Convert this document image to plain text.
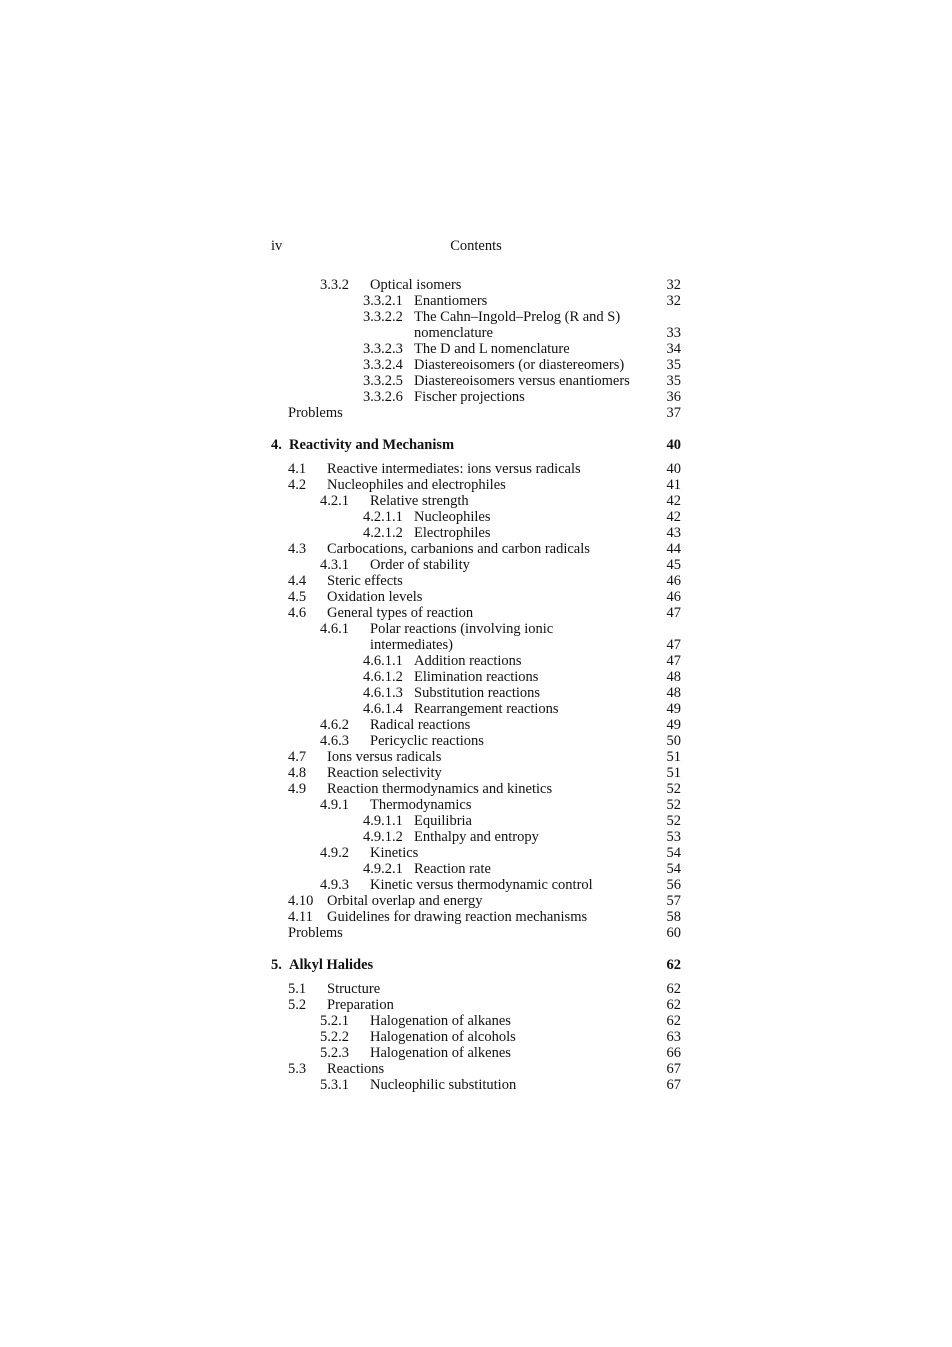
iv	Contents
3.3.2 Optical isomers	32
3.3.2.1 Enantiomers	32
3.3.2.2 The Cahn–Ingold–Prelog (R and S)
nomenclature	33
3.3.2.3 The D and L nomenclature	34
3.3.2.4 Diastereoisomers (or diastereomers)	35
3.3.2.5 Diastereoisomers versus enantiomers	35
3.3.2.6 Fischer projections	36
Problems	37
4. Reactivity and Mechanism	40
4.1 Reactive intermediates: ions versus radicals	40
4.2 Nucleophiles and electrophiles	41
4.2.1 Relative strength	42
4.2.1.1 Nucleophiles	42
4.2.1.2 Electrophiles	43
4.3 Carbocations, carbanions and carbon radicals	44
4.3.1 Order of stability	45
4.4 Steric effects	46
4.5 Oxidation levels	46
4.6 General types of reaction	47
4.6.1 Polar reactions (involving ionic
intermediates)	47
4.6.1.1 Addition reactions	47
4.6.1.2 Elimination reactions	48
4.6.1.3 Substitution reactions	48
4.6.1.4 Rearrangement reactions	49
4.6.2 Radical reactions	49
4.6.3 Pericyclic reactions	50
4.7 Ions versus radicals	51
4.8 Reaction selectivity	51
4.9 Reaction thermodynamics and kinetics	52
4.9.1 Thermodynamics	52
4.9.1.1 Equilibria	52
4.9.1.2 Enthalpy and entropy	53
4.9.2 Kinetics	54
4.9.2.1 Reaction rate	54
4.9.3 Kinetic versus thermodynamic control	56
4.10 Orbital overlap and energy	57
4.11 Guidelines for drawing reaction mechanisms	58
Problems	60
5. Alkyl Halides	62
5.1 Structure	62
5.2 Preparation	62
5.2.1 Halogenation of alkanes	62
5.2.2 Halogenation of alcohols	63
5.2.3 Halogenation of alkenes	66
5.3 Reactions	67
5.3.1 Nucleophilic substitution	67
